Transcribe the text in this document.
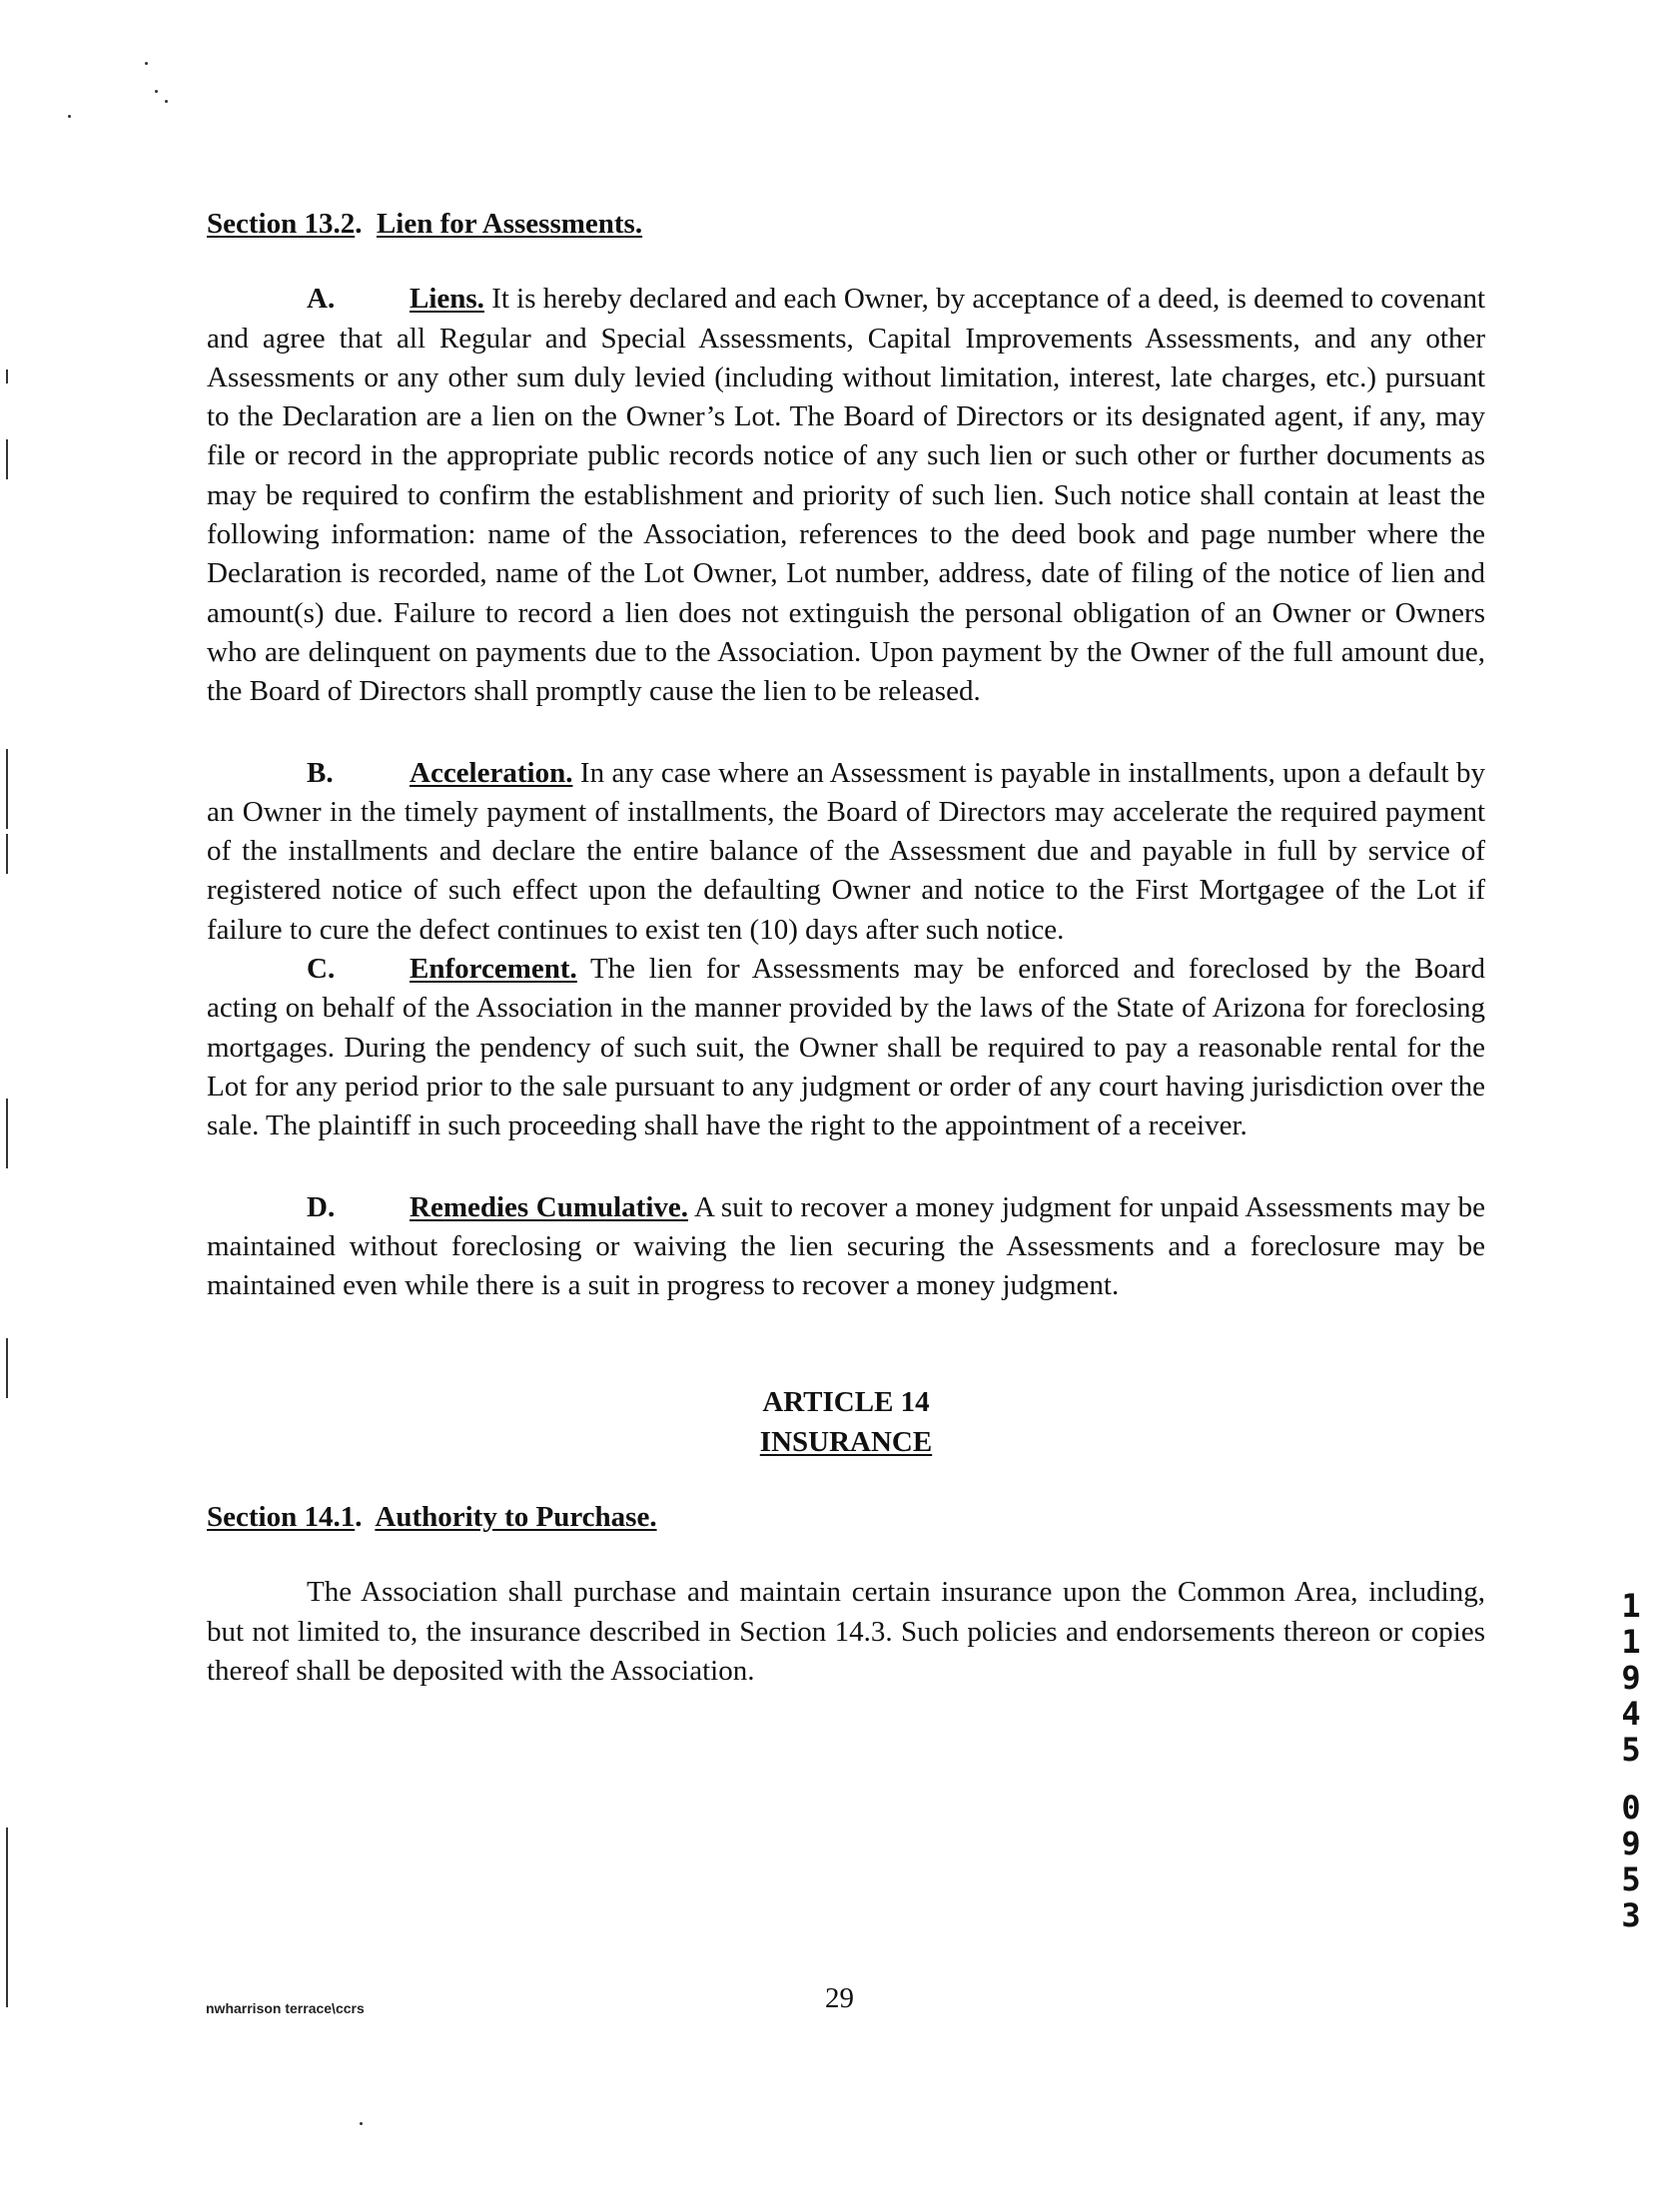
Section 13.2.  Lien for Assessments.

A.	Liens. It is hereby declared and each Owner, by acceptance of a deed, is deemed to covenant and agree that all Regular and Special Assessments, Capital Improvements Assessments, and any other Assessments or any other sum duly levied (including without limitation, interest, late charges, etc.) pursuant to the Declaration are a lien on the Owner’s Lot. The Board of Directors or its designated agent, if any, may file or record in the appropriate public records notice of any such lien or such other or further documents as may be required to confirm the establishment and priority of such lien. Such notice shall contain at least the following information: name of the Association, references to the deed book and page number where the Declaration is recorded, name of the Lot Owner, Lot number, address, date of filing of the notice of lien and amount(s) due. Failure to record a lien does not extinguish the personal obligation of an Owner or Owners who are delinquent on payments due to the Association. Upon payment by the Owner of the full amount due, the Board of Directors shall promptly cause the lien to be released.

B.	Acceleration. In any case where an Assessment is payable in installments, upon a default by an Owner in the timely payment of installments, the Board of Directors may accelerate the required payment of the installments and declare the entire balance of the Assessment due and payable in full by service of registered notice of such effect upon the defaulting Owner and notice to the First Mortgagee of the Lot if failure to cure the defect continues to exist ten (10) days after such notice.

C.	Enforcement. The lien for Assessments may be enforced and foreclosed by the Board acting on behalf of the Association in the manner provided by the laws of the State of Arizona for foreclosing mortgages. During the pendency of such suit, the Owner shall be required to pay a reasonable rental for the Lot for any period prior to the sale pursuant to any judgment or order of any court having jurisdiction over the sale. The plaintiff in such proceeding shall have the right to the appointment of a receiver.

D.	Remedies Cumulative. A suit to recover a money judgment for unpaid Assessments may be maintained without foreclosing or waiving the lien securing the Assessments and a foreclosure may be maintained even while there is a suit in progress to recover a money judgment.

ARTICLE 14
INSURANCE

Section 14.1.  Authority to Purchase.

The Association shall purchase and maintain certain insurance upon the Common Area, including, but not limited to, the insurance described in Section 14.3. Such policies and endorsements thereon or copies thereof shall be deposited with the Association.

nwharrison terrace\ccrs	29
1
1
9
4
5
0
9
5
3
